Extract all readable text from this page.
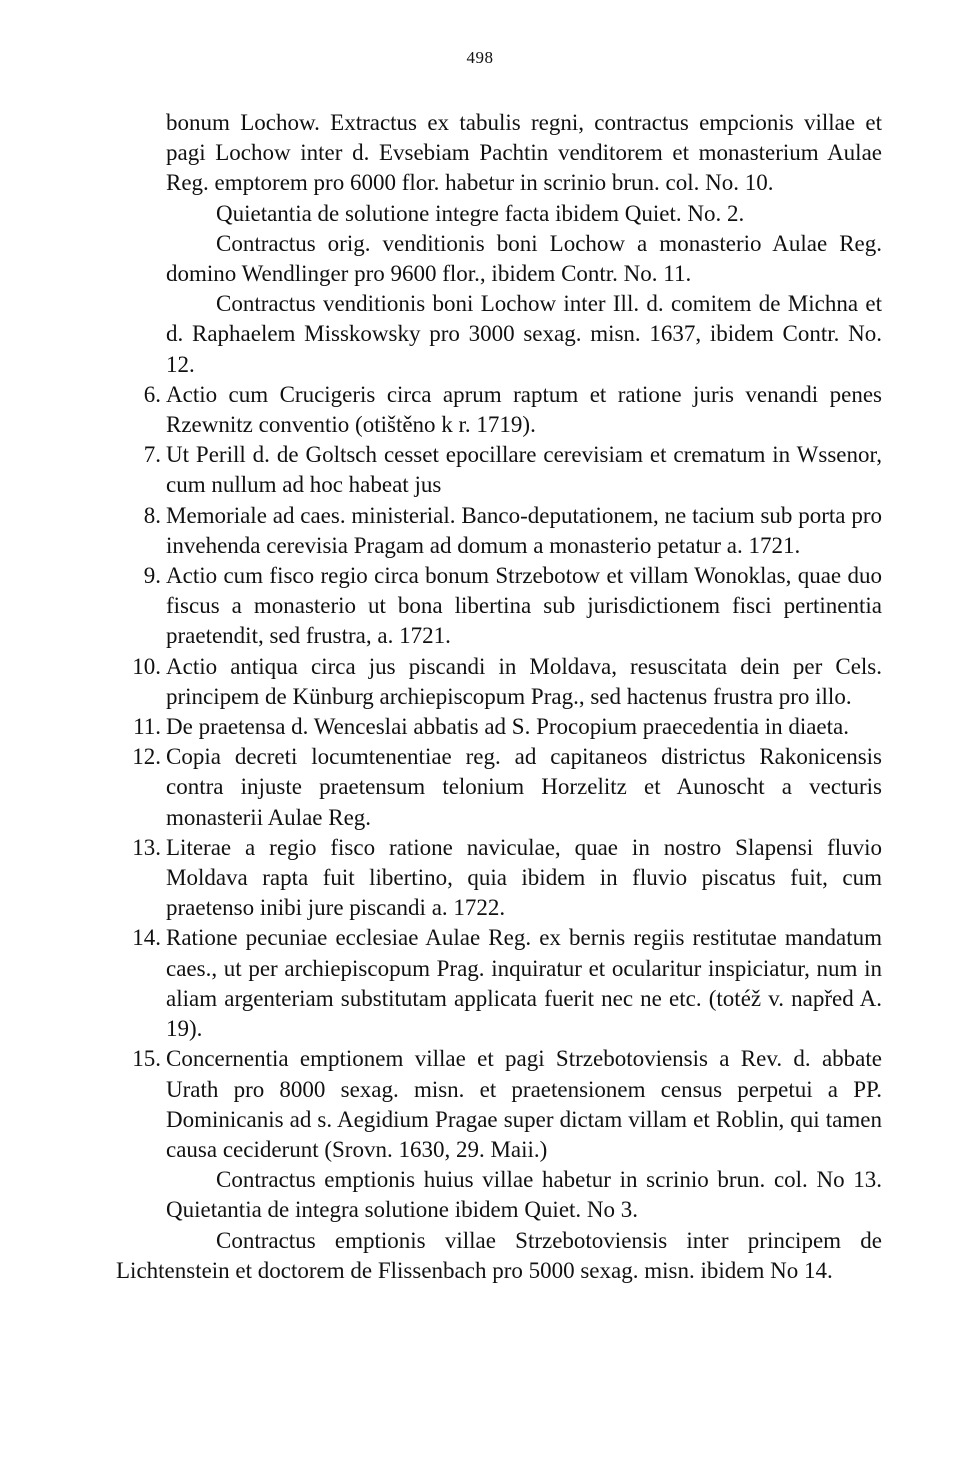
498

bonum Lochow. Extractus ex tabulis regni, contractus empcionis villae et pagi Lochow inter d. Evsebiam Pachtin venditorem et monasterium Aulae Reg. emptorem pro 6000 flor. habetur in scrinio brun. col. No. 10.

Quietantia de solutione integre facta ibidem Quiet. No. 2.

Contractus orig. venditionis boni Lochow a monasterio Aulae Reg. domino Wendlinger pro 9600 flor., ibidem Contr. No. 11.

Contractus venditionis boni Lochow inter Ill. d. comitem de Michna et d. Raphaelem Misskowsky pro 3000 sexag. misn. 1637, ibidem Contr. No. 12.

6. Actio cum Crucigeris circa aprum raptum et ratione juris venandi penes Rzewnitz conventio (otištěno k r. 1719).
7. Ut Perill d. de Goltsch cesset epocillare cerevisiam et crematum in Wssenor, cum nullum ad hoc habeat jus
8. Memoriale ad caes. ministerial. Banco-deputationem, ne tacium sub porta pro invehenda cerevisia Pragam ad domum a monasterio petatur a. 1721.
9. Actio cum fisco regio circa bonum Strzebotow et villam Wonoklas, quae duo fiscus a monasterio ut bona libertina sub jurisdictionem fisci pertinentia praetendit, sed frustra, a. 1721.
10. Actio antiqua circa jus piscandi in Moldava, resuscitata dein per Cels. principem de Künburg archiepiscopum Prag., sed hactenus frustra pro illo.
11. De praetensa d. Wenceslai abbatis ad S. Procopium praecedentia in diaeta.
12. Copia decreti locumtenentiae reg. ad capitaneos districtus Rakonicensis contra injuste praetensum telonium Horzelitz et Aunoscht a vecturis monasterii Aulae Reg.
13. Literae a regio fisco ratione naviculae, quae in nostro Slapensi fluvio Moldava rapta fuit libertino, quia ibidem in fluvio piscatus fuit, cum praetenso inibi jure piscandi a. 1722.
14. Ratione pecuniae ecclesiae Aulae Reg. ex bernis regiis restitutae mandatum caes., ut per archiepiscopum Prag. inquiratur et ocularitur inspiciatur, num in aliam argenteriam substitutam applicata fuerit nec ne etc. (totéž v. napřed A. 19).
15. Concernentia emptionem villae et pagi Strzebotoviensis a Rev. d. abbate Urath pro 8000 sexag. misn. et praetensionem census perpetui a PP. Dominicanis ad s. Aegidium Pragae super dictam villam et Roblin, qui tamen causa ceciderunt (Srovn. 1630, 29. Maii.)

Contractus emptionis huius villae habetur in scrinio brun. col. No 13. Quietantia de integra solutione ibidem Quiet. No 3.

Contractus emptionis villae Strzebotoviensis inter principem de Lichtenstein et doctorem de Flissenbach pro 5000 sexag. misn. ibidem No 14.
